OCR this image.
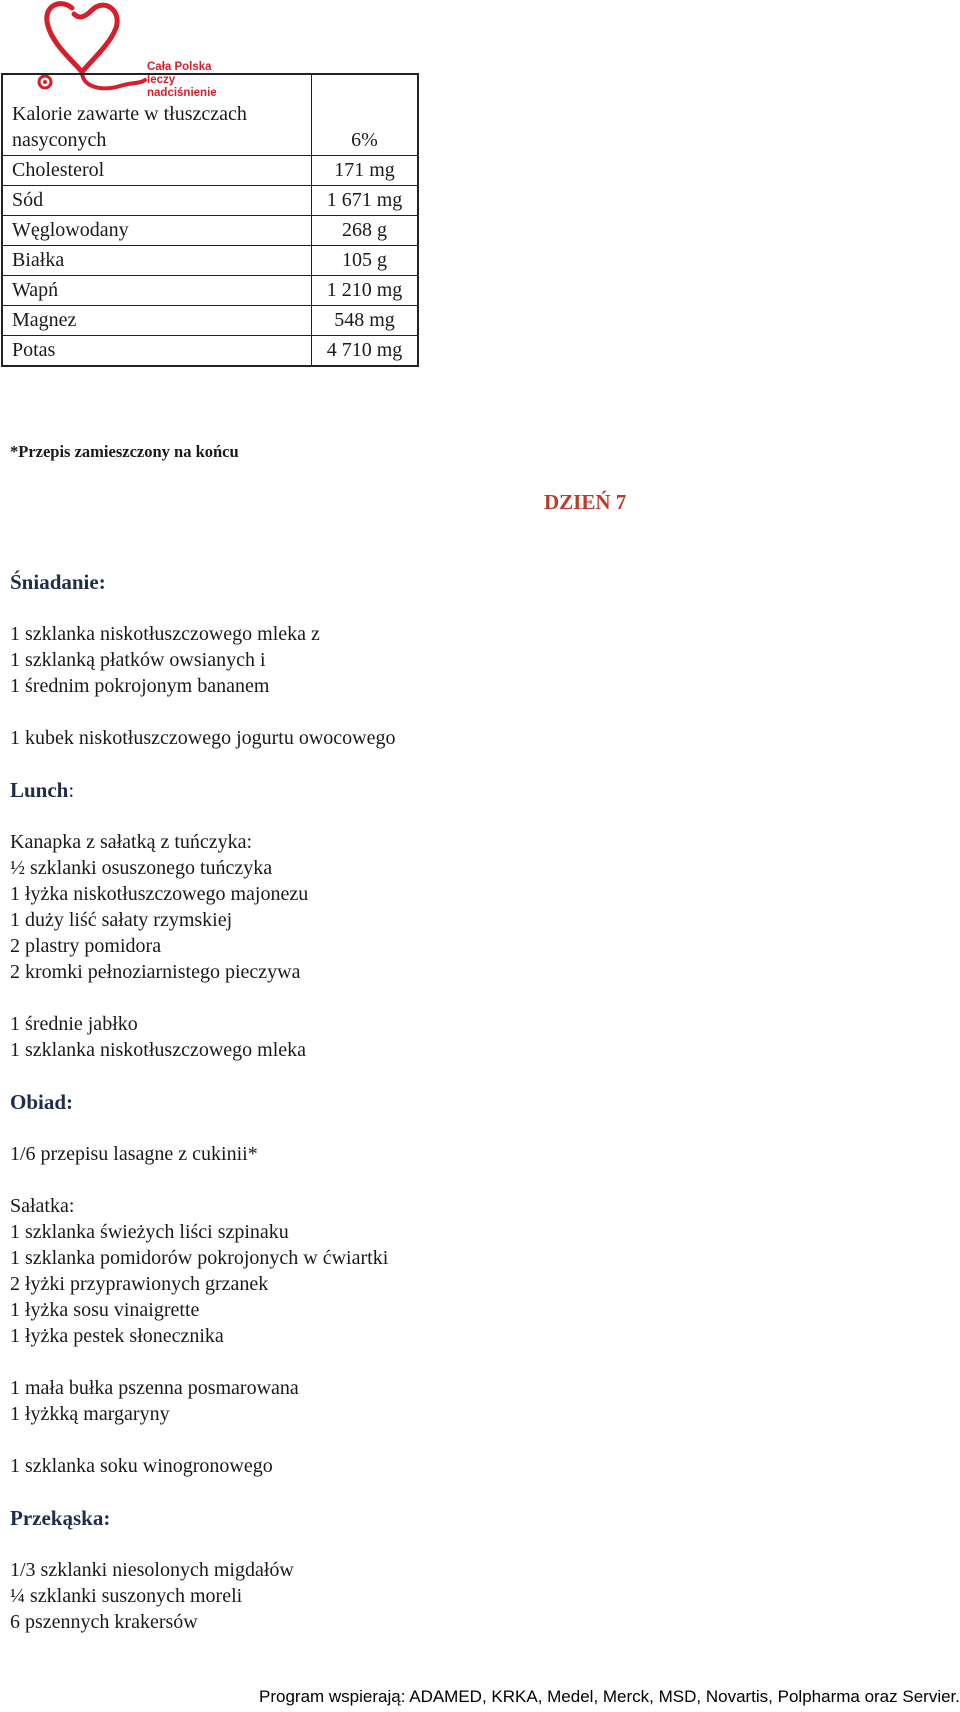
Cała Polska
leczy nadciśnienie
Kalorie zawarte w tłuszczach
nasyconych	6%
Cholesterol	171 mg
Sód	1 671 mg
Węglowodany	268 g
Białka	105 g
Wapń	1 210 mg
Magnez	548 mg
Potas	4 710 mg
*Przepis zamieszczony na końcu
DZIEŃ 7
Śniadanie:
1 szklanka niskotłuszczowego mleka z
1 szklanką płatków owsianych i
1 średnim pokrojonym bananem
1 kubek niskotłuszczowego jogurtu owocowego
Lunch:
Kanapka z sałatką z tuńczyka:
½ szklanki osuszonego tuńczyka
1 łyżka niskotłuszczowego majonezu
1 duży liść sałaty rzymskiej
2 plastry pomidora
2 kromki pełnoziarnistego pieczywa
1 średnie jabłko
1 szklanka niskotłuszczowego mleka
Obiad:
1/6 przepisu lasagne z cukinii*
Sałatka:
1 szklanka świeżych liści szpinaku
1 szklanka pomidorów pokrojonych w ćwiartki
2 łyżki przyprawionych grzanek
1 łyżka sosu vinaigrette
1 łyżka pestek słonecznika
1 mała bułka pszenna posmarowana
1 łyżkką margaryny
1 szklanka soku winogronowego
Przekąska:
1/3 szklanki niesolonych migdałów
¼ szklanki suszonych moreli
6 pszennych krakersów
Program wspierają: ADAMED, KRKA, Medel, Merck, MSD, Novartis, Polpharma oraz Servier.
